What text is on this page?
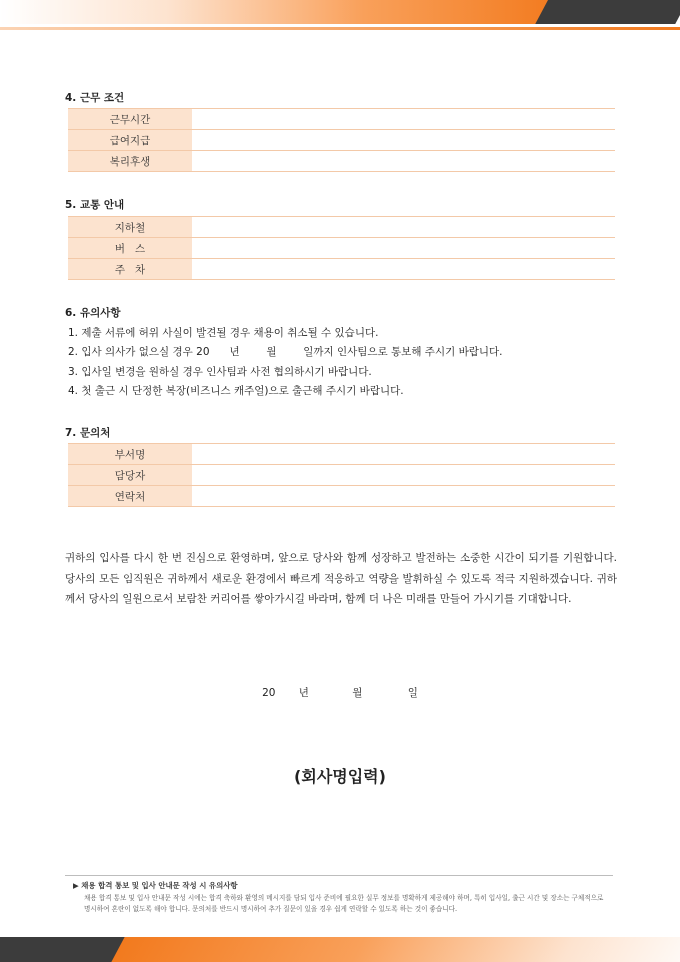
4. 근무 조건
근무시간	
급여지급	
복리후생	
5. 교통 안내
지하철	
버   스	
주   차	
6. 유의사항
1. 제출 서류에 허위 사실이 발견될 경우 채용이 취소될 수 있습니다.
2. 입사 의사가 없으실 경우 20      년        월        일까지 인사팀으로 통보해 주시기 바랍니다.
3. 입사일 변경을 원하실 경우 인사팀과 사전 협의하시기 바랍니다.
4. 첫 출근 시 단정한 복장(비즈니스 캐주얼)으로 출근해 주시기 바랍니다.
7. 문의처
부서명	
담당자	
연락처	
귀하의 입사를 다시 한 번 진심으로 환영하며, 앞으로 당사와 함께 성장하고 발전하는 소중한 시간이 되기를 기원합니다. 당사의 모든 임직원은 귀하께서 새로운 환경에서 빠르게 적응하고 역량을 발휘하실 수 있도록 적극 지원하겠습니다. 귀하께서 당사의 일원으로서 보람찬 커리어를 쌓아가시길 바라며, 함께 더 나은 미래를 만들어 가시기를 기대합니다.
20 년	월	일
(회사명입력)
▶ 채용 합격 통보 및 입사 안내문 작성 시 유의사항
채용 합격 통보 및 입사 안내문 작성 시에는 합격 축하와 환영의 메시지를 담되 입사 준비에 필요한 실무 정보를 명확하게 제공해야 하며, 특히 입사일, 출근 시간 및 장소는 구체적으로 명시하여 혼란이 없도록 해야 합니다. 문의처를 반드시 명시하여 추가 질문이 있을 경우 쉽게 연락할 수 있도록 하는 것이 좋습니다.
